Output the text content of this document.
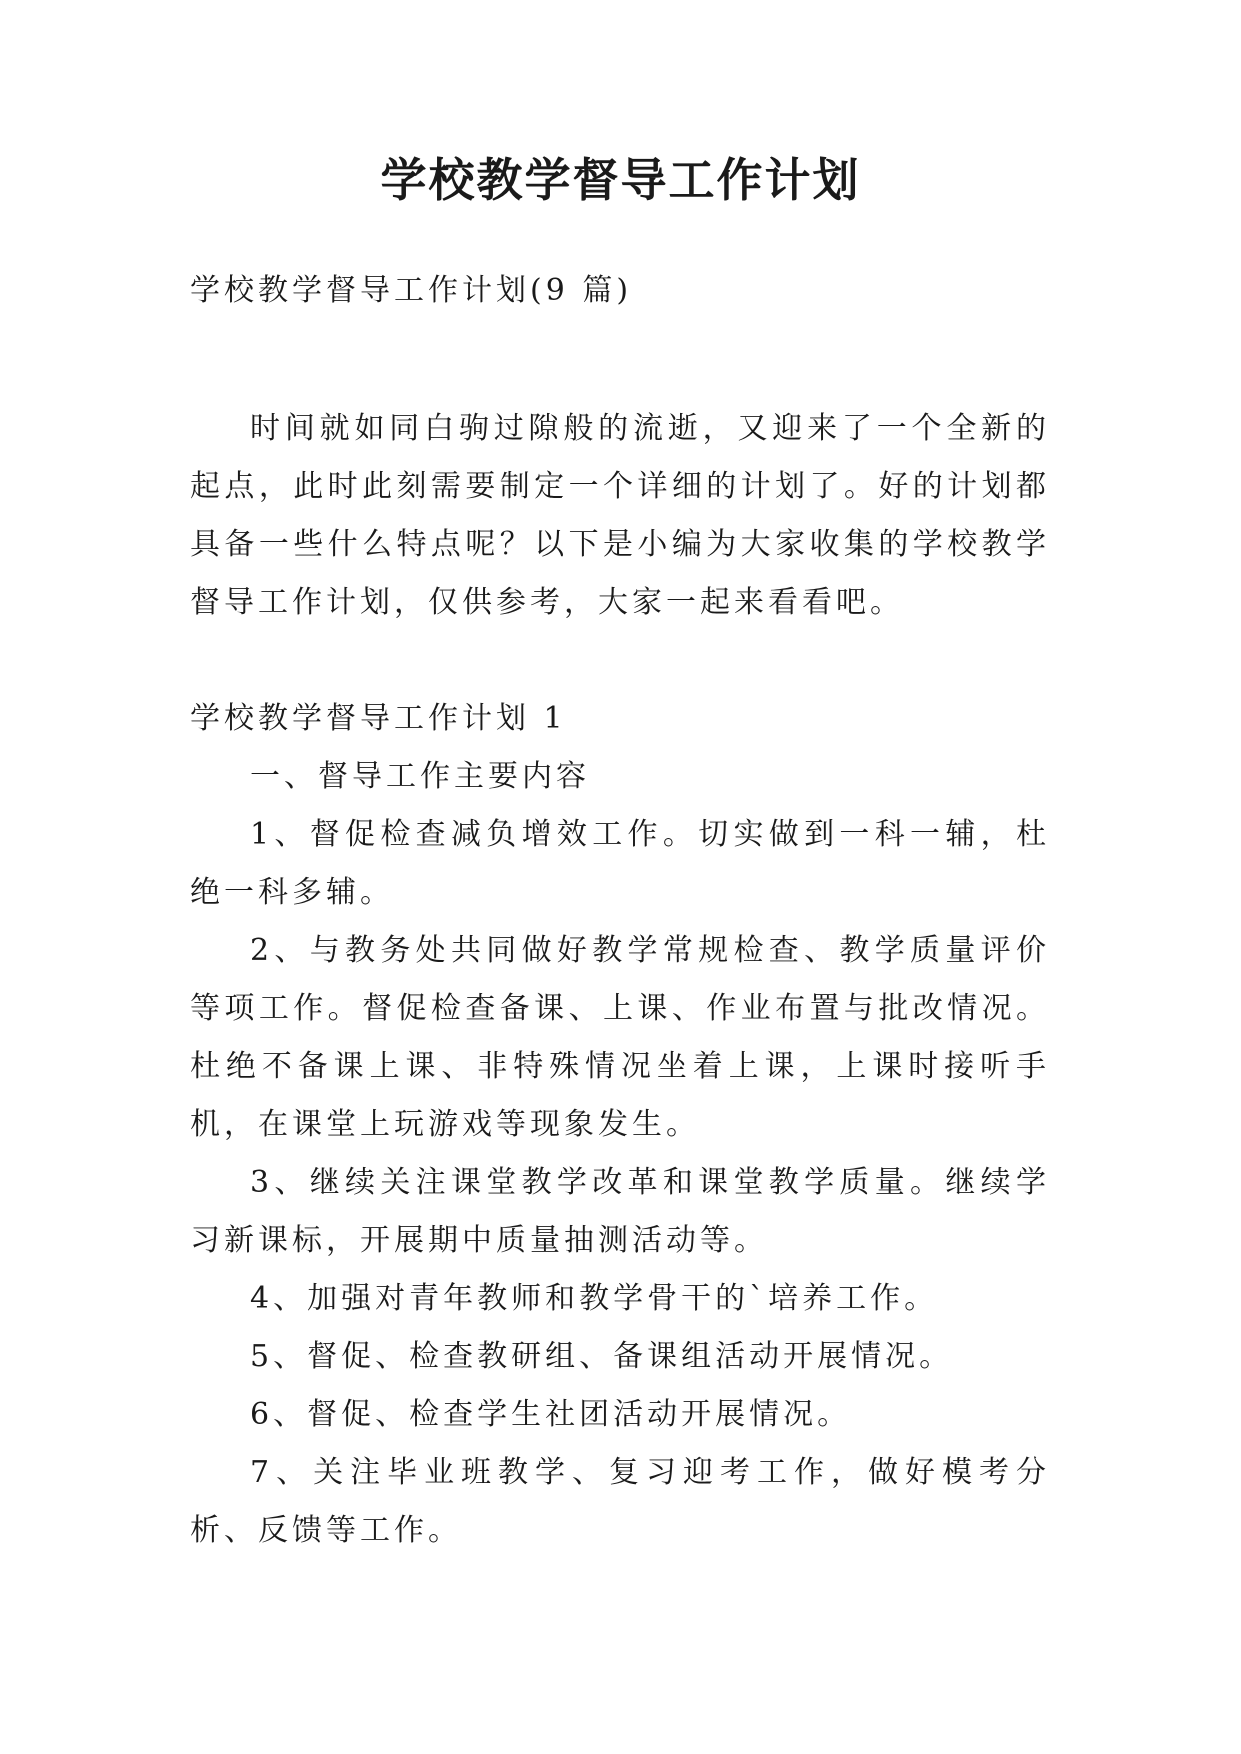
学校教学督导工作计划

学校教学督导工作计划(9 篇)

时间就如同白驹过隙般的流逝，又迎来了一个全新的起点，此时此刻需要制定一个详细的计划了。好的计划都具备一些什么特点呢？以下是小编为大家收集的学校教学督导工作计划，仅供参考，大家一起来看看吧。

学校教学督导工作计划 1

一、督导工作主要内容

1、督促检查减负增效工作。切实做到一科一辅，杜绝一科多辅。

2、与教务处共同做好教学常规检查、教学质量评价等项工作。督促检查备课、上课、作业布置与批改情况。杜绝不备课上课、非特殊情况坐着上课，上课时接听手机，在课堂上玩游戏等现象发生。

3、继续关注课堂教学改革和课堂教学质量。继续学习新课标，开展期中质量抽测活动等。

4、加强对青年教师和教学骨干的`培养工作。

5、督促、检查教研组、备课组活动开展情况。

6、督促、检查学生社团活动开展情况。

7、关注毕业班教学、复习迎考工作，做好模考分析、反馈等工作。
